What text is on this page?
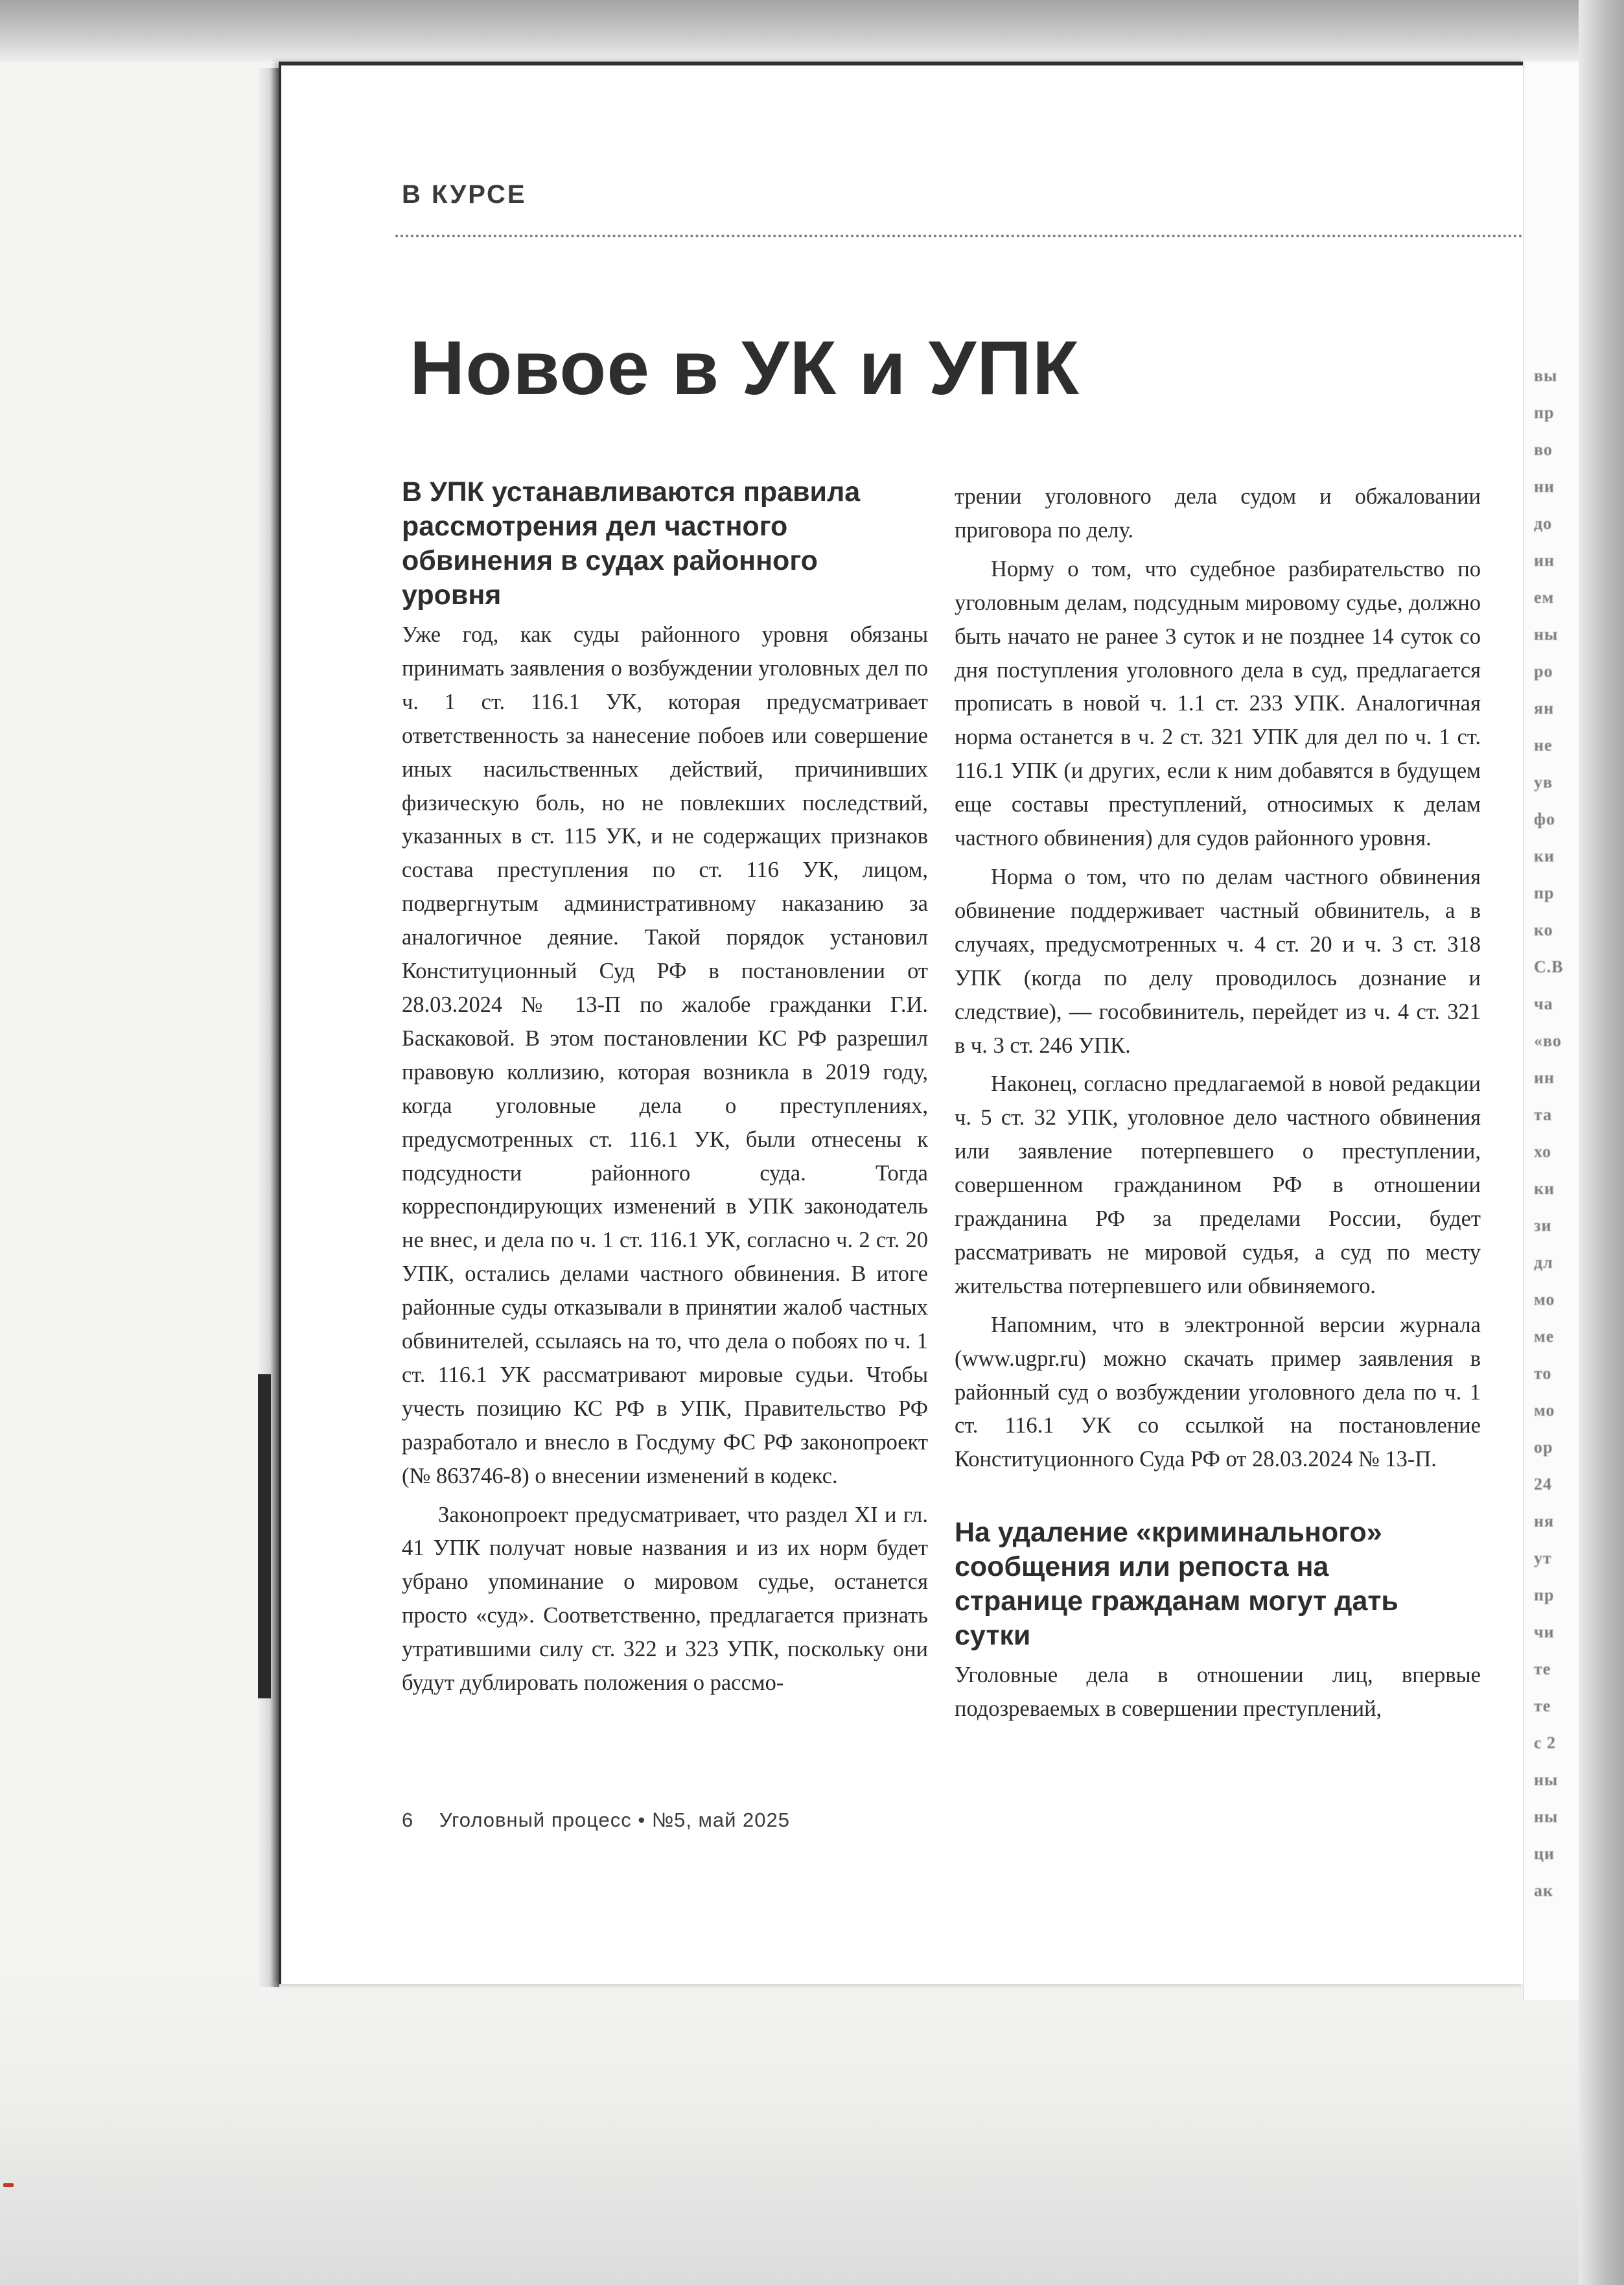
вы
пр
во
ни
до
ин
ем
ны
ро
ян
не
ув
фо
ки
пр
ко
С.В
ча
«во
ин
та
хо
ки
зи
дл
мо
ме
то
мо
ор
24
ня
ут
пр
чи
те
те
с 2
ны
ны
ци
ак
В КУРСЕ
Новое в УК и УПК
В УПК устанавливаются правила рассмотрения дел частного обвинения в судах районного уровня

Уже год, как суды районного уровня обязаны принимать заявления о возбуждении уголовных дел по ч. 1 ст. 116.1 УК, которая предусматривает ответственность за нанесение побоев или совершение иных насильственных действий, причинивших физическую боль, но не повлекших последствий, указанных в ст. 115 УК, и не содержащих признаков состава преступления по ст. 116 УК, лицом, подвергнутым административному наказанию за аналогичное деяние. Такой порядок установил Конституционный Суд РФ в постановлении от 28.03.2024 № 13-П по жалобе гражданки Г.И. Баскаковой. В этом постановлении КС РФ разрешил правовую коллизию, которая возникла в 2019 году, когда уголовные дела о преступлениях, предусмотренных ст. 116.1 УК, были отнесены к подсудности районного суда. Тогда корреспондирующих изменений в УПК законодатель не внес, и дела по ч. 1 ст. 116.1 УК, согласно ч. 2 ст. 20 УПК, остались делами частного обвинения. В итоге районные суды отказывали в принятии жалоб частных обвинителей, ссылаясь на то, что дела о побоях по ч. 1 ст. 116.1 УК рассматривают мировые судьи. Чтобы учесть позицию КС РФ в УПК, Правительство РФ разработало и внесло в Госдуму ФС РФ законопроект (№ 863746-8) о внесении изменений в кодекс.

Законопроект предусматривает, что раздел XI и гл. 41 УПК получат новые названия и из их норм будет убрано упоминание о мировом судье, останется просто «суд». Соответственно, предлагается признать утратившими силу ст. 322 и 323 УПК, поскольку они будут дублировать положения о рассмо-

трении уголовного дела судом и обжаловании приговора по делу.

Норму о том, что судебное разбирательство по уголовным делам, подсудным мировому судье, должно быть начато не ранее 3 суток и не позднее 14 суток со дня поступления уголовного дела в суд, предлагается прописать в новой ч. 1.1 ст. 233 УПК. Аналогичная норма останется в ч. 2 ст. 321 УПК для дел по ч. 1 ст. 116.1 УПК (и других, если к ним добавятся в будущем еще составы преступлений, относимых к делам частного обвинения) для судов районного уровня.

Норма о том, что по делам частного обвинения обвинение поддерживает частный обвинитель, а в случаях, предусмотренных ч. 4 ст. 20 и ч. 3 ст. 318 УПК (когда по делу проводилось дознание и следствие), — гособвинитель, перейдет из ч. 4 ст. 321 в ч. 3 ст. 246 УПК.

Наконец, согласно предлагаемой в новой редакции ч. 5 ст. 32 УПК, уголовное дело частного обвинения или заявление потерпевшего о преступлении, совершенном гражданином РФ в отношении гражданина РФ за пределами России, будет рассматривать не мировой судья, а суд по месту жительства потерпевшего или обвиняемого.

Напомним, что в электронной версии журнала (www.ugpr.ru) можно скачать пример заявления в районный суд о возбуждении уголовного дела по ч. 1 ст. 116.1 УК со ссылкой на постановление Конституционного Суда РФ от 28.03.2024 № 13-П.

На удаление «криминального» сообщения или репоста на странице гражданам могут дать сутки

Уголовные дела в отношении лиц, впервые подозреваемых в совершении преступлений,

6 Уголовный процесс • №5, май 2025
